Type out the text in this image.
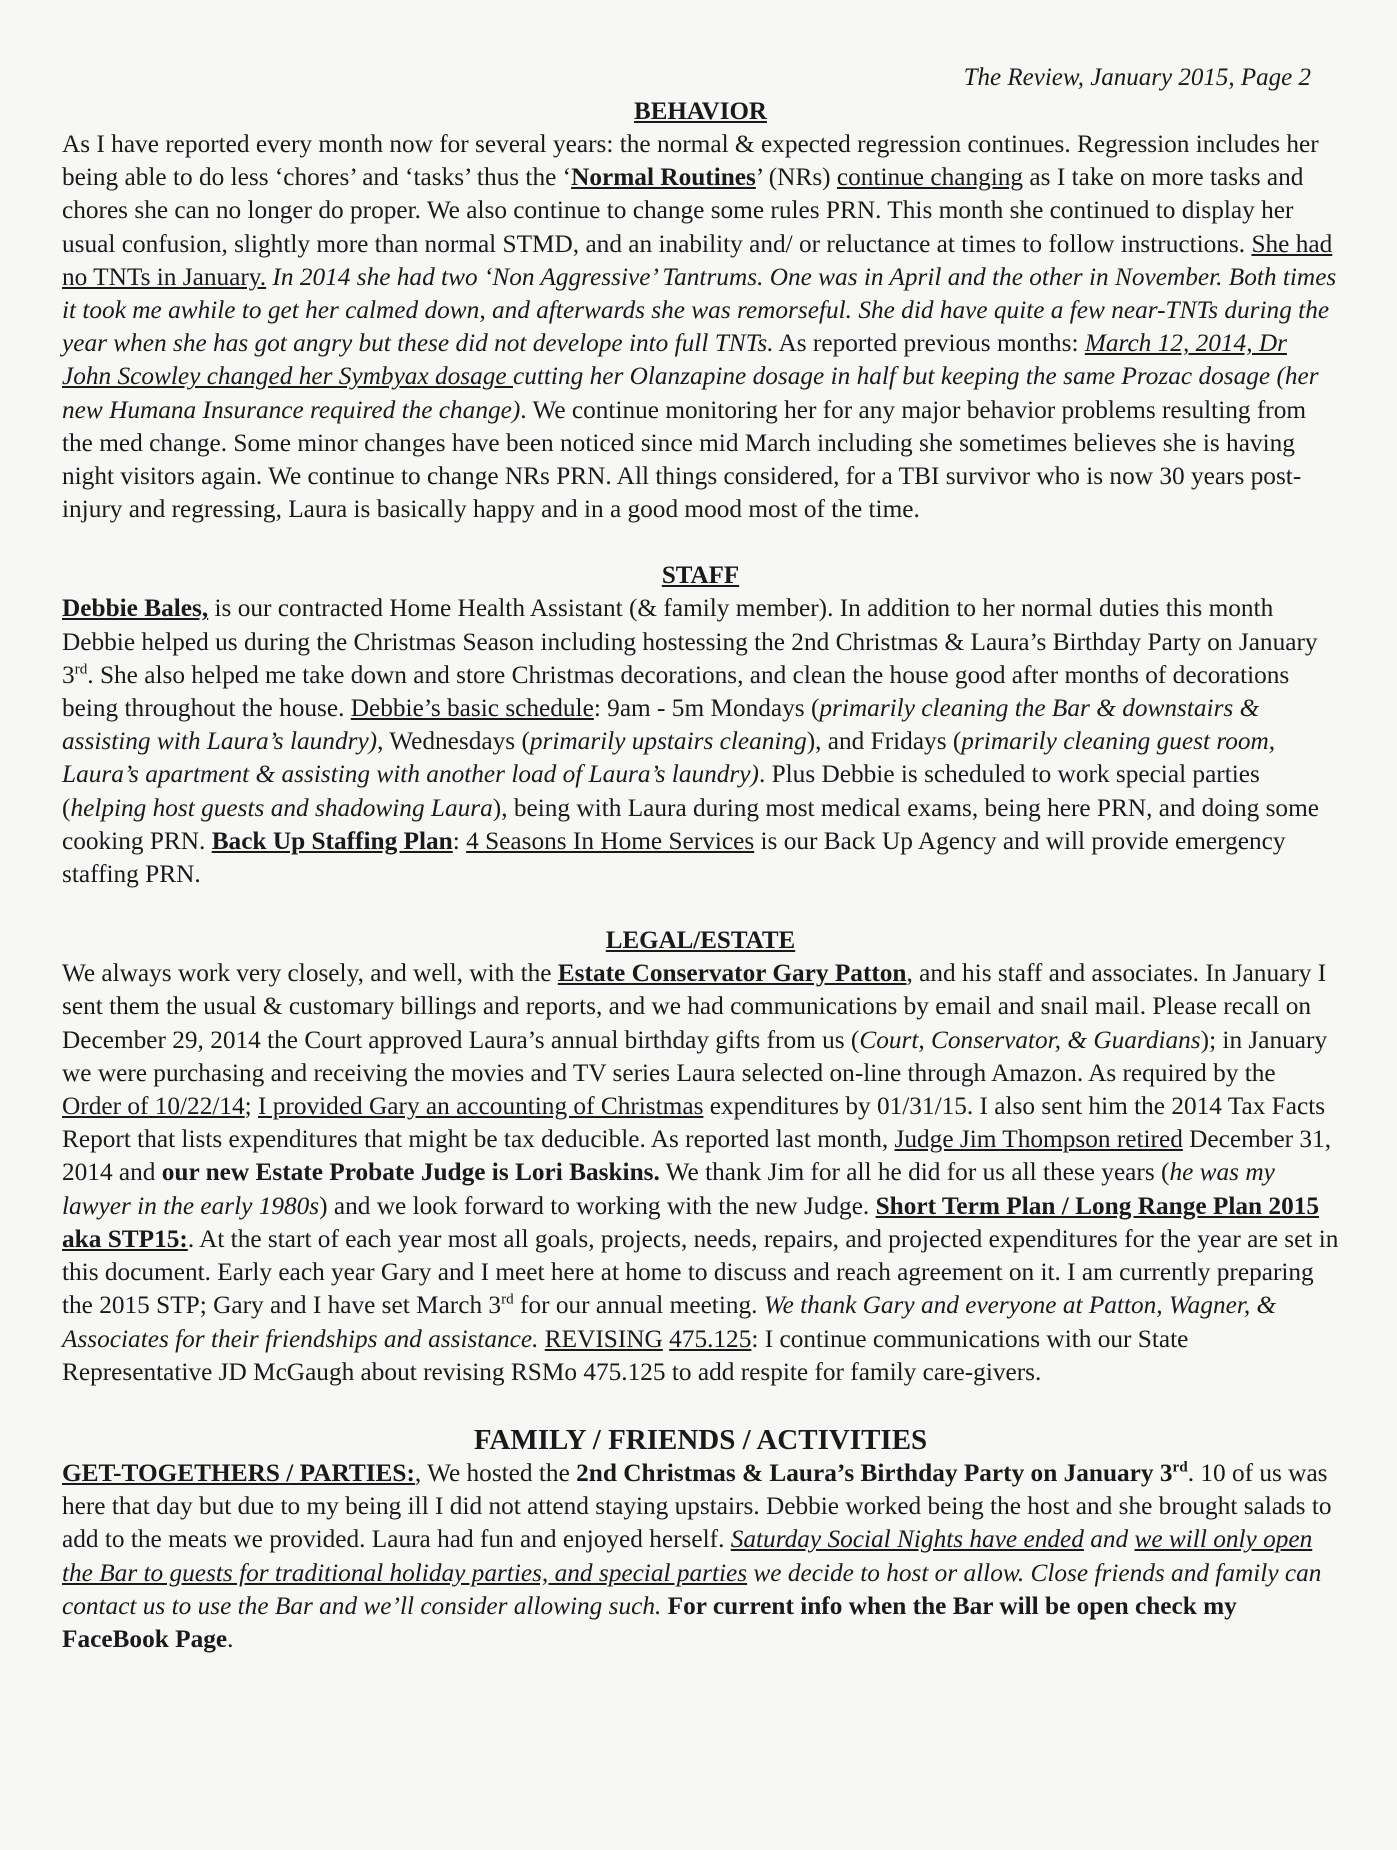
The Review, January 2015, Page 2
BEHAVIOR

As I have reported every month now for several years: the normal & expected regression continues. Regression includes her being able to do less ‘chores’ and ‘tasks’ thus the ‘Normal Routines’ (NRs) continue changing as I take on more tasks and chores she can no longer do proper. We also continue to change some rules PRN. This month she continued to display her usual confusion, slightly more than normal STMD, and an inability and/ or reluctance at times to follow instructions. She had no TNTs in January. In 2014 she had two ‘Non Aggressive’ Tantrums. One was in April and the other in November. Both times it took me awhile to get her calmed down, and afterwards she was remorseful. She did have quite a few near-TNTs during the year when she has got angry but these did not develope into full TNTs. As reported previous months: March 12, 2014, Dr John Scowley changed her Symbyax dosage cutting her Olanzapine dosage in half but keeping the same Prozac dosage (her new Humana Insurance required the change). We continue monitoring her for any major behavior problems resulting from the med change. Some minor changes have been noticed since mid March including she sometimes believes she is having night visitors again. We continue to change NRs PRN. All things considered, for a TBI survivor who is now 30 years post-injury and regressing, Laura is basically happy and in a good mood most of the time.

STAFF

Debbie Bales, is our contracted Home Health Assistant (& family member). In addition to her normal duties this month Debbie helped us during the Christmas Season including hostessing the 2nd Christmas & Laura’s Birthday Party on January 3rd. She also helped me take down and store Christmas decorations, and clean the house good after months of decorations being throughout the house. Debbie’s basic schedule: 9am - 5m Mondays (primarily cleaning the Bar & downstairs & assisting with Laura’s laundry), Wednesdays (primarily upstairs cleaning), and Fridays (primarily cleaning guest room, Laura’s apartment & assisting with another load of Laura’s laundry). Plus Debbie is scheduled to work special parties (helping host guests and shadowing Laura), being with Laura during most medical exams, being here PRN, and doing some cooking PRN. Back Up Staffing Plan: 4 Seasons In Home Services is our Back Up Agency and will provide emergency staffing PRN.

LEGAL/ESTATE

We always work very closely, and well, with the Estate Conservator Gary Patton, and his staff and associates. In January I sent them the usual & customary billings and reports, and we had communications by email and snail mail. Please recall on December 29, 2014 the Court approved Laura’s annual birthday gifts from us (Court, Conservator, & Guardians); in January we were purchasing and receiving the movies and TV series Laura selected on-line through Amazon. As required by the Order of 10/22/14; I provided Gary an accounting of Christmas expenditures by 01/31/15. I also sent him the 2014 Tax Facts Report that lists expenditures that might be tax deducible. As reported last month, Judge Jim Thompson retired December 31, 2014 and our new Estate Probate Judge is Lori Baskins. We thank Jim for all he did for us all these years (he was my lawyer in the early 1980s) and we look forward to working with the new Judge. Short Term Plan / Long Range Plan 2015 aka STP15:. At the start of each year most all goals, projects, needs, repairs, and projected expenditures for the year are set in this document. Early each year Gary and I meet here at home to discuss and reach agreement on it. I am currently preparing the 2015 STP; Gary and I have set March 3rd for our annual meeting. We thank Gary and everyone at Patton, Wagner, & Associates for their friendships and assistance. REVISING 475.125: I continue communications with our State Representative JD McGaugh about revising RSMo 475.125 to add respite for family care-givers.

FAMILY / FRIENDS / ACTIVITIES

GET-TOGETHERS / PARTIES:, We hosted the 2nd Christmas & Laura’s Birthday Party on January 3rd. 10 of us was here that day but due to my being ill I did not attend staying upstairs. Debbie worked being the host and she brought salads to add to the meats we provided. Laura had fun and enjoyed herself. Saturday Social Nights have ended and we will only open the Bar to guests for traditional holiday parties, and special parties we decide to host or allow. Close friends and family can contact us to use the Bar and we’ll consider allowing such. For current info when the Bar will be open check my FaceBook Page.
